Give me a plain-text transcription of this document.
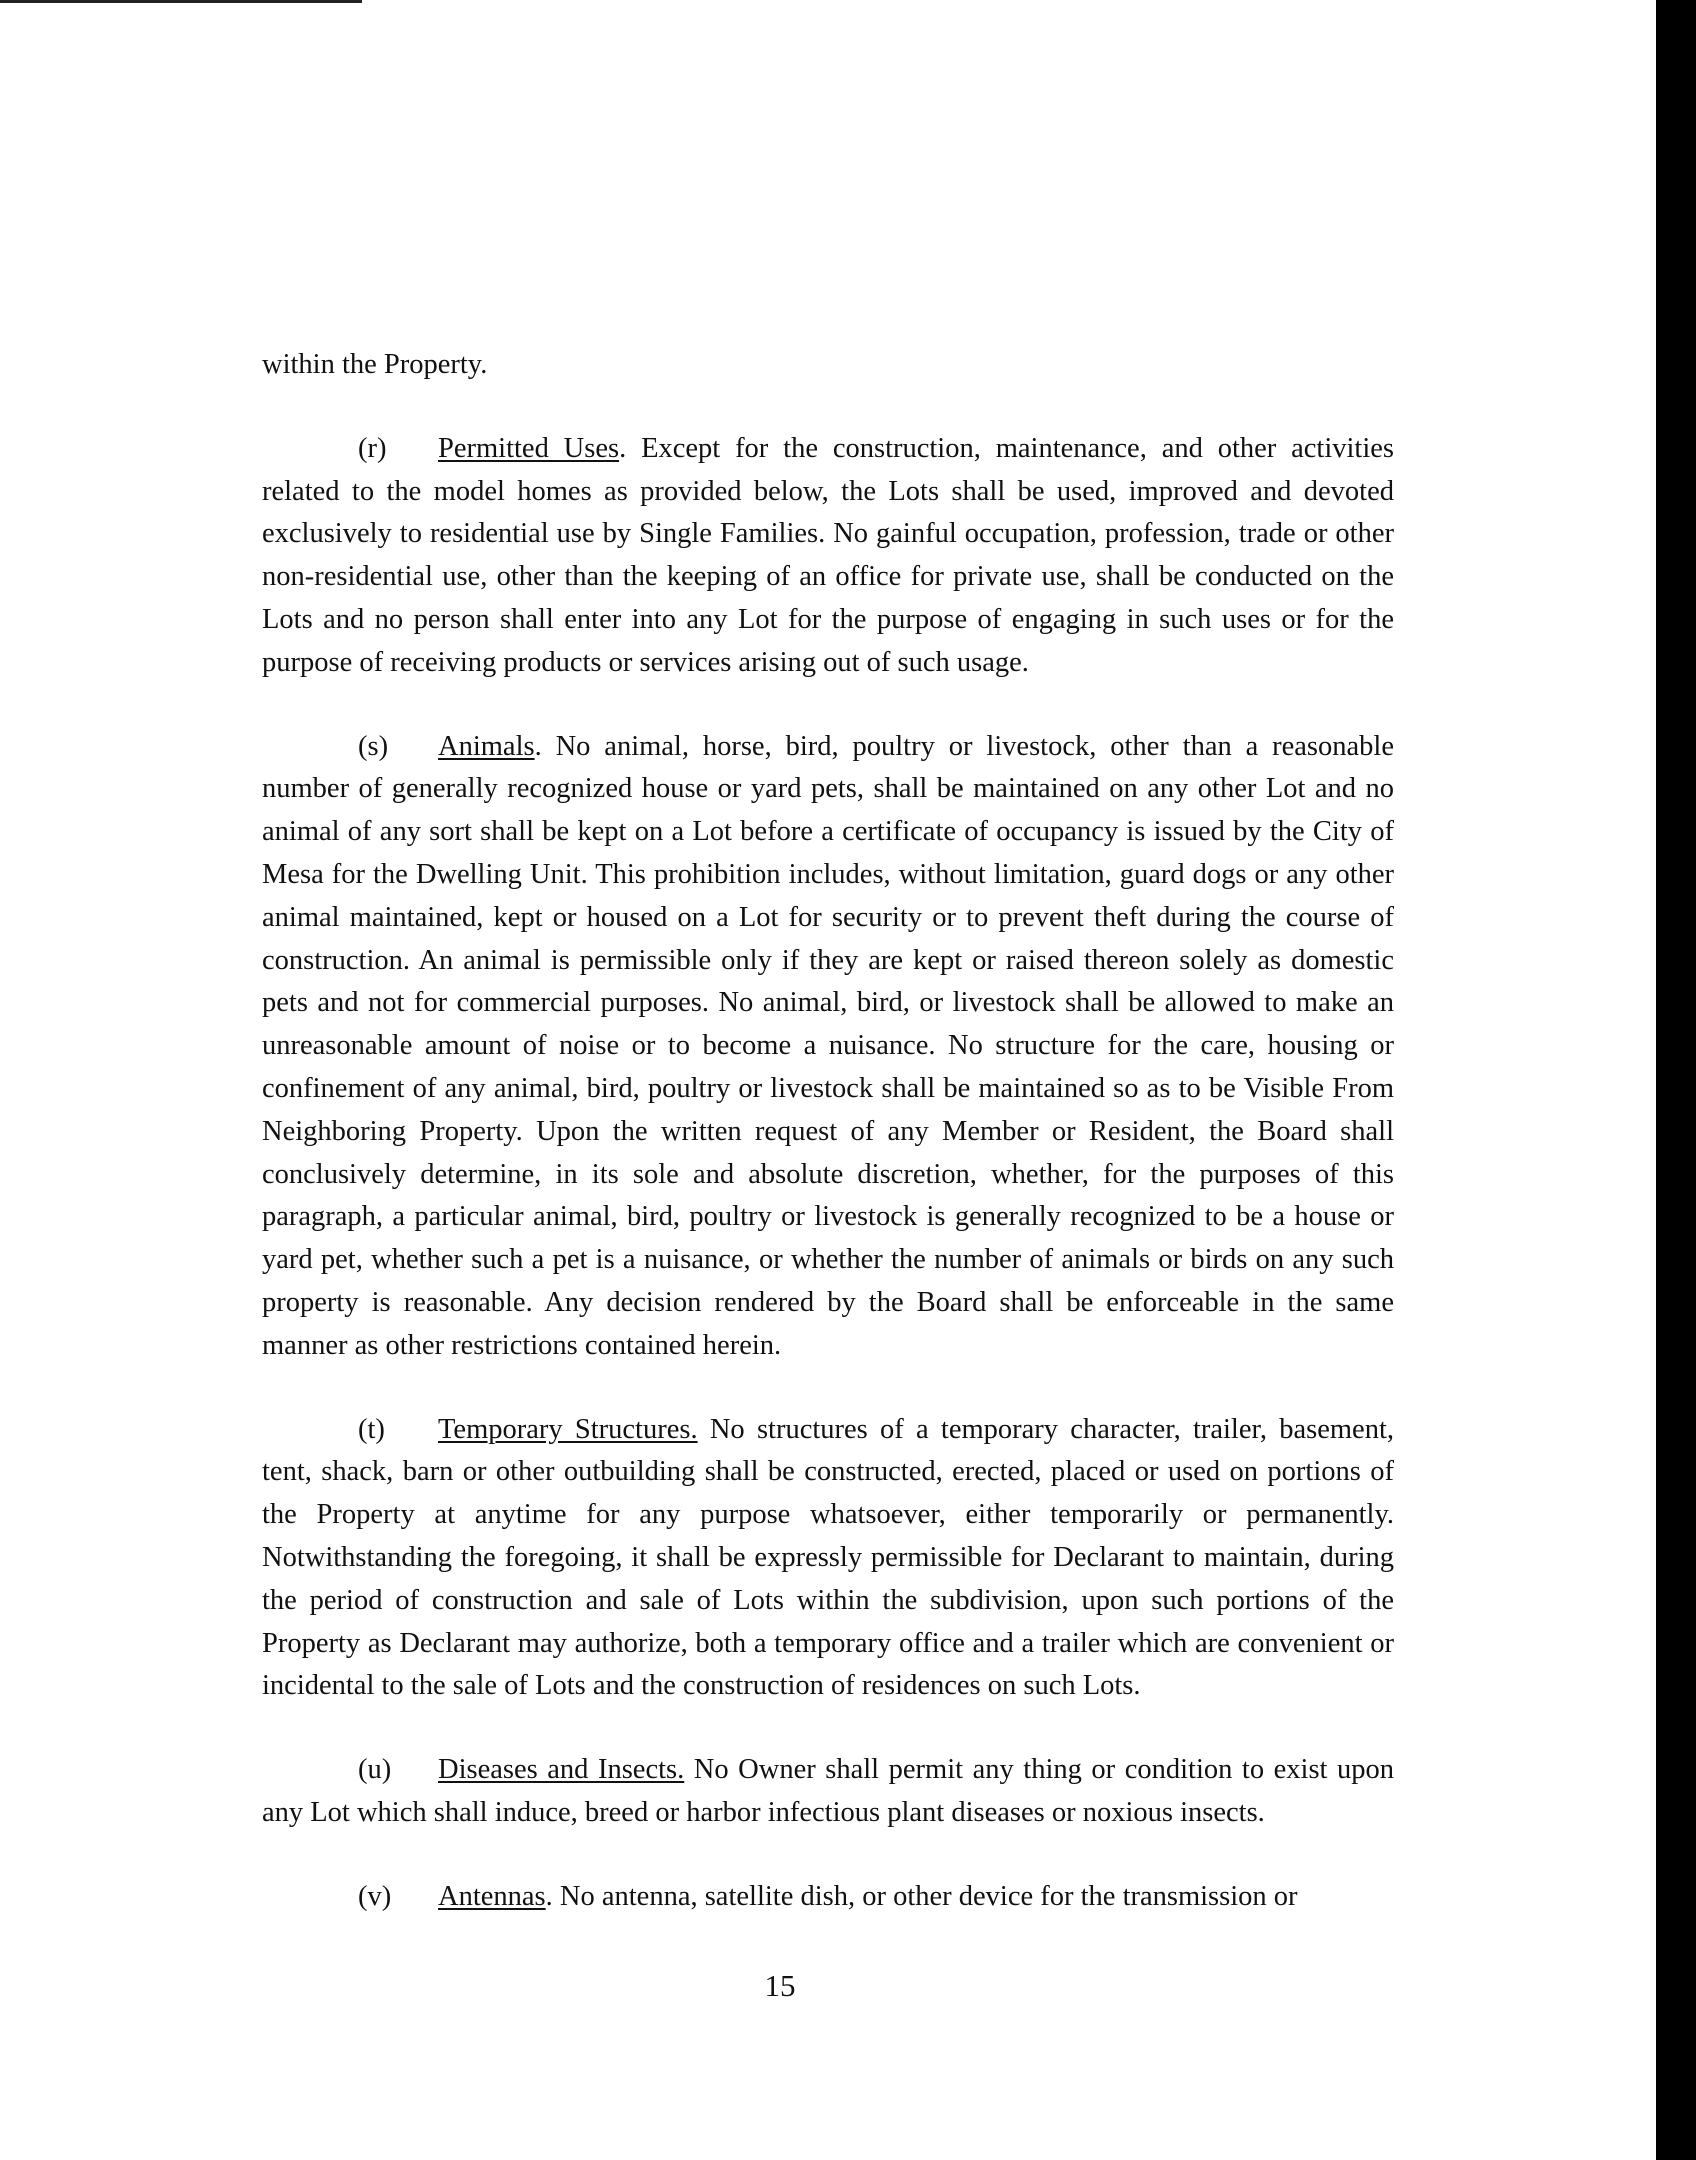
within the Property.

(r) Permitted Uses. Except for the construction, maintenance, and other activities related to the model homes as provided below, the Lots shall be used, improved and devoted exclusively to residential use by Single Families. No gainful occupation, profession, trade or other non-residential use, other than the keeping of an office for private use, shall be conducted on the Lots and no person shall enter into any Lot for the purpose of engaging in such uses or for the purpose of receiving products or services arising out of such usage.

(s) Animals. No animal, horse, bird, poultry or livestock, other than a reasonable number of generally recognized house or yard pets, shall be maintained on any other Lot and no animal of any sort shall be kept on a Lot before a certificate of occupancy is issued by the City of Mesa for the Dwelling Unit. This prohibition includes, without limitation, guard dogs or any other animal maintained, kept or housed on a Lot for security or to prevent theft during the course of construction. An animal is permissible only if they are kept or raised thereon solely as domestic pets and not for commercial purposes. No animal, bird, or livestock shall be allowed to make an unreasonable amount of noise or to become a nuisance. No structure for the care, housing or confinement of any animal, bird, poultry or livestock shall be maintained so as to be Visible From Neighboring Property. Upon the written request of any Member or Resident, the Board shall conclusively determine, in its sole and absolute discretion, whether, for the purposes of this paragraph, a particular animal, bird, poultry or livestock is generally recognized to be a house or yard pet, whether such a pet is a nuisance, or whether the number of animals or birds on any such property is reasonable. Any decision rendered by the Board shall be enforceable in the same manner as other restrictions contained herein.

(t) Temporary Structures. No structures of a temporary character, trailer, basement, tent, shack, barn or other outbuilding shall be constructed, erected, placed or used on portions of the Property at anytime for any purpose whatsoever, either temporarily or permanently. Notwithstanding the foregoing, it shall be expressly permissible for Declarant to maintain, during the period of construction and sale of Lots within the subdivision, upon such portions of the Property as Declarant may authorize, both a temporary office and a trailer which are convenient or incidental to the sale of Lots and the construction of residences on such Lots.

(u) Diseases and Insects. No Owner shall permit any thing or condition to exist upon any Lot which shall induce, breed or harbor infectious plant diseases or noxious insects.

(v) Antennas. No antenna, satellite dish, or other device for the transmission or

15
